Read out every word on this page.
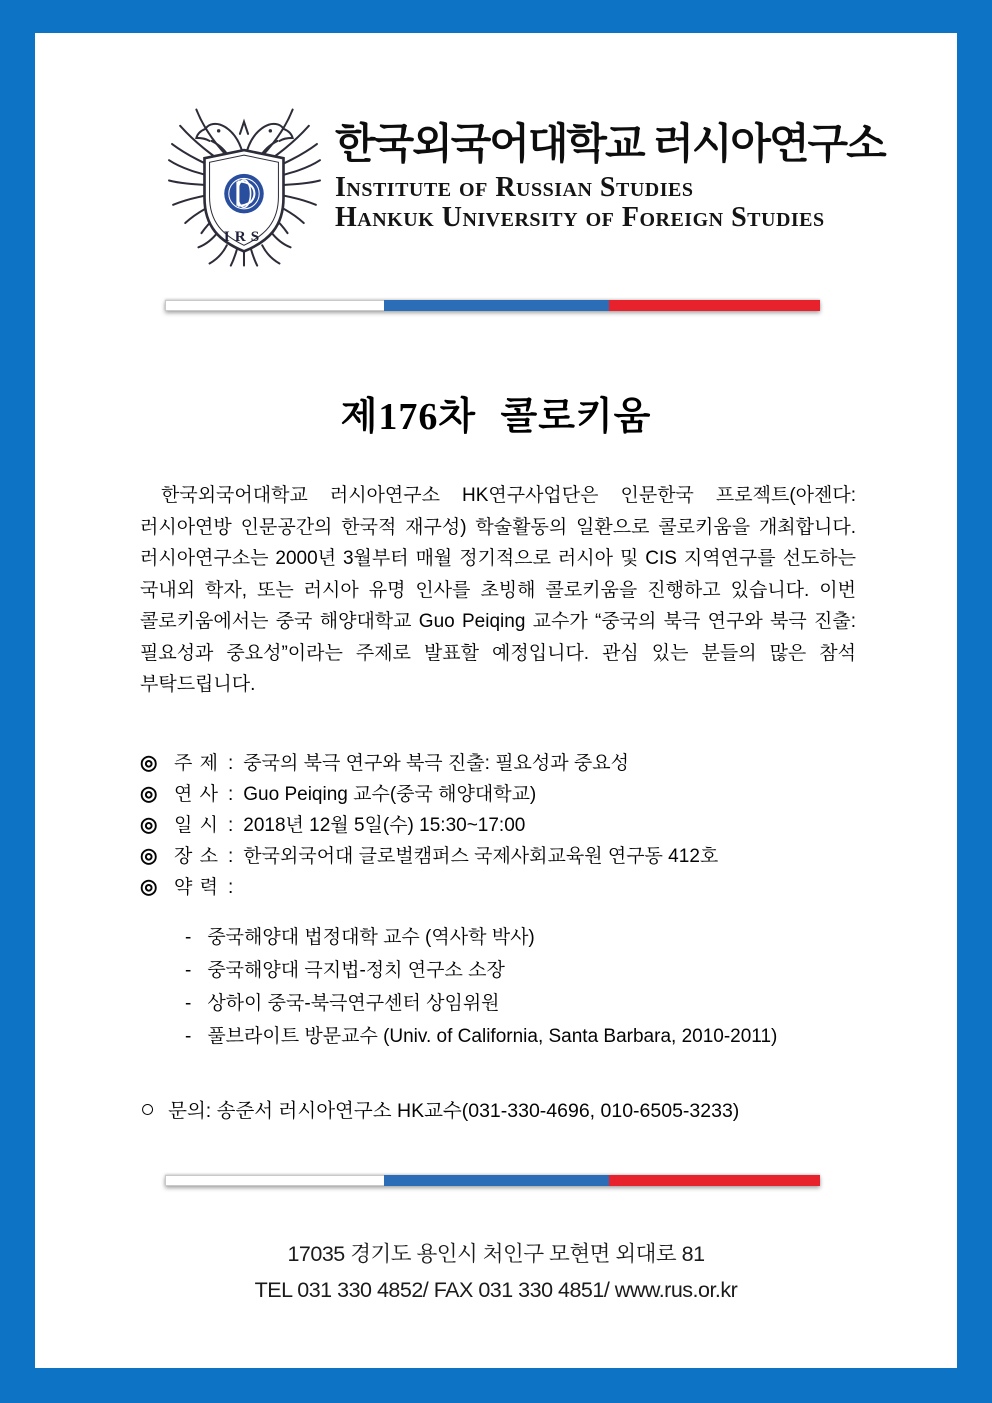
IRS
한국외국어대학교 러시아연구소
Institute of Russian Studies
Hankuk University of Foreign Studies
제176차 콜로키움

한국외국어대학교 러시아연구소 HK연구사업단은 인문한국 프로젝트(아젠다: 러시아연방 인문공간의 한국적 재구성) 학술활동의 일환으로 콜로키움을 개최합니다. 러시아연구소는 2000년 3월부터 매월 정기적으로 러시아 및 CIS 지역연구를 선도하는 국내외 학자, 또는 러시아 유명 인사를 초빙해 콜로키움을 진행하고 있습니다. 이번 콜로키움에서는 중국 해양대학교 Guo Peiqing 교수가 “중국의 북극 연구와 북극 진출: 필요성과 중요성”이라는 주제로 발표할 예정입니다. 관심 있는 분들의 많은 참석 부탁드립니다.

◎ 주 제 : 중국의 북극 연구와 북극 진출: 필요성과 중요성
◎ 연 사 : Guo Peiqing 교수(중국 해양대학교)
◎ 일 시 : 2018년 12월 5일(수) 15:30~17:00
◎ 장 소 : 한국외국어대 글로벌캠퍼스 국제사회교육원 연구동 412호
◎ 약 력 :
- 중국해양대 법정대학 교수 (역사학 박사)
- 중국해양대 극지법-정치 연구소 소장
- 상하이 중국-북극연구센터 상임위원
- 풀브라이트 방문교수 (Univ. of California, Santa Barbara, 2010-2011)
○ 문의: 송준서 러시아연구소 HK교수(031-330-4696, 010-6505-3233)
17035 경기도 용인시 처인구 모현면 외대로 81
TEL 031 330 4852/ FAX 031 330 4851/ www.rus.or.kr
